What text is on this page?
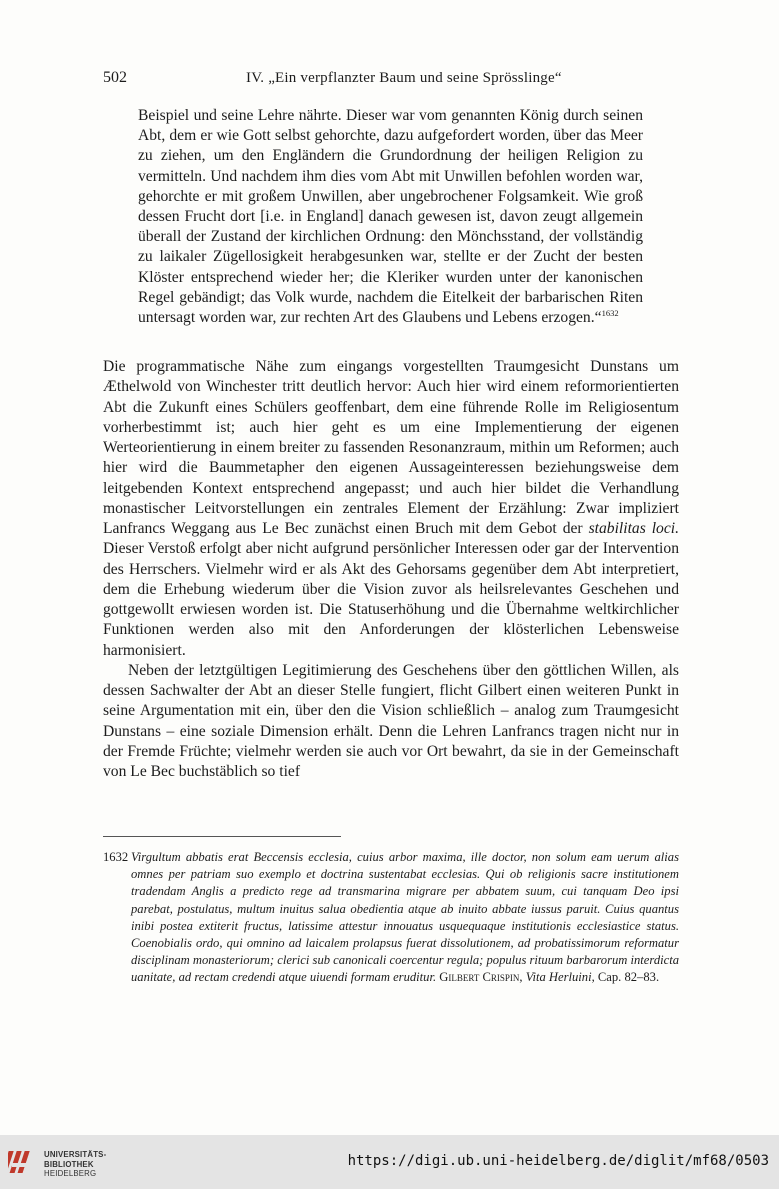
502	IV. „Ein verpflanzter Baum und seine Sprösslinge“

Beispiel und seine Lehre nährte. Dieser war vom genannten König durch seinen Abt, dem er wie Gott selbst gehorchte, dazu aufgefordert worden, über das Meer zu ziehen, um den Engländern die Grundordnung der heiligen Religion zu vermitteln. Und nachdem ihm dies vom Abt mit Unwillen befohlen worden war, gehorchte er mit großem Unwillen, aber ungebrochener Folgsamkeit. Wie groß dessen Frucht dort [i.e. in England] danach gewesen ist, davon zeugt allgemein überall der Zustand der kirchlichen Ordnung: den Mönchsstand, der vollständig zu laikaler Zügellosigkeit herabgesunken war, stellte er der Zucht der besten Klöster entsprechend wieder her; die Kleriker wurden unter der kanonischen Regel gebändigt; das Volk wurde, nachdem die Eitelkeit der barbarischen Riten untersagt worden war, zur rechten Art des Glaubens und Lebens erzogen.“$^{1632}$

Die programmatische Nähe zum eingangs vorgestellten Traumgesicht Dunstans um Æthelwold von Winchester tritt deutlich hervor: Auch hier wird einem reformorientierten Abt die Zukunft eines Schülers geoffenbart, dem eine führende Rolle im Religiosentum vorherbestimmt ist; auch hier geht es um eine Implementierung der eigenen Werteorientierung in einem breiter zu fassenden Resonanzraum, mithin um Reformen; auch hier wird die Baummetapher den eigenen Aussageinteressen beziehungsweise dem leitgebenden Kontext entsprechend angepasst; und auch hier bildet die Verhandlung monastischer Leitvorstellungen ein zentrales Element der Erzählung: Zwar impliziert Lanfrancs Weggang aus Le Bec zunächst einen Bruch mit dem Gebot der stabilitas loci. Dieser Verstoß erfolgt aber nicht aufgrund persönlicher Interessen oder gar der Intervention des Herrschers. Vielmehr wird er als Akt des Gehorsams gegenüber dem Abt interpretiert, dem die Erhebung wiederum über die Vision zuvor als heilsrelevantes Geschehen und gottgewollt erwiesen worden ist. Die Statuserhöhung und die Übernahme weltkirchlicher Funktionen werden also mit den Anforderungen der klösterlichen Lebensweise harmonisiert.

Neben der letztgültigen Legitimierung des Geschehens über den göttlichen Willen, als dessen Sachwalter der Abt an dieser Stelle fungiert, flicht Gilbert einen weiteren Punkt in seine Argumentation mit ein, über den die Vision schließlich – analog zum Traumgesicht Dunstans – eine soziale Dimension erhält. Denn die Lehren Lanfrancs tragen nicht nur in der Fremde Früchte; vielmehr werden sie auch vor Ort bewahrt, da sie in der Gemeinschaft von Le Bec buchstäblich so tief

1632 Virgultum abbatis erat Beccensis ecclesia, cuius arbor maxima, ille doctor, non solum eam uerum alias omnes per patriam suo exemplo et doctrina sustentabat ecclesias. Qui ob religionis sacre institutionem tradendam Anglis a predicto rege ad transmarina migrare per abbatem suum, cui tanquam Deo ipsi parebat, postulatus, multum inuitus salua obedientia atque ab inuito abbate iussus paruit. Cuius quantus inibi postea extiterit fructus, latissime attestur innouatus usquequaque institutionis ecclesiastice status. Coenobialis ordo, qui omnino ad laicalem prolapsus fuerat dissolutionem, ad probatissimorum reformatur disciplinam monasteriorum; clerici sub canonicali coercentur regula; populus rituum barbarorum interdicta uanitate, ad rectam credendi atque uiuendi formam eruditur. Gilbert Crispin, Vita Herluini, Cap. 82–83.
UNIVERSITÄTS-
BIBLIOTHEK
HEIDELBERG
https://digi.ub.uni-heidelberg.de/diglit/mf68/0503
